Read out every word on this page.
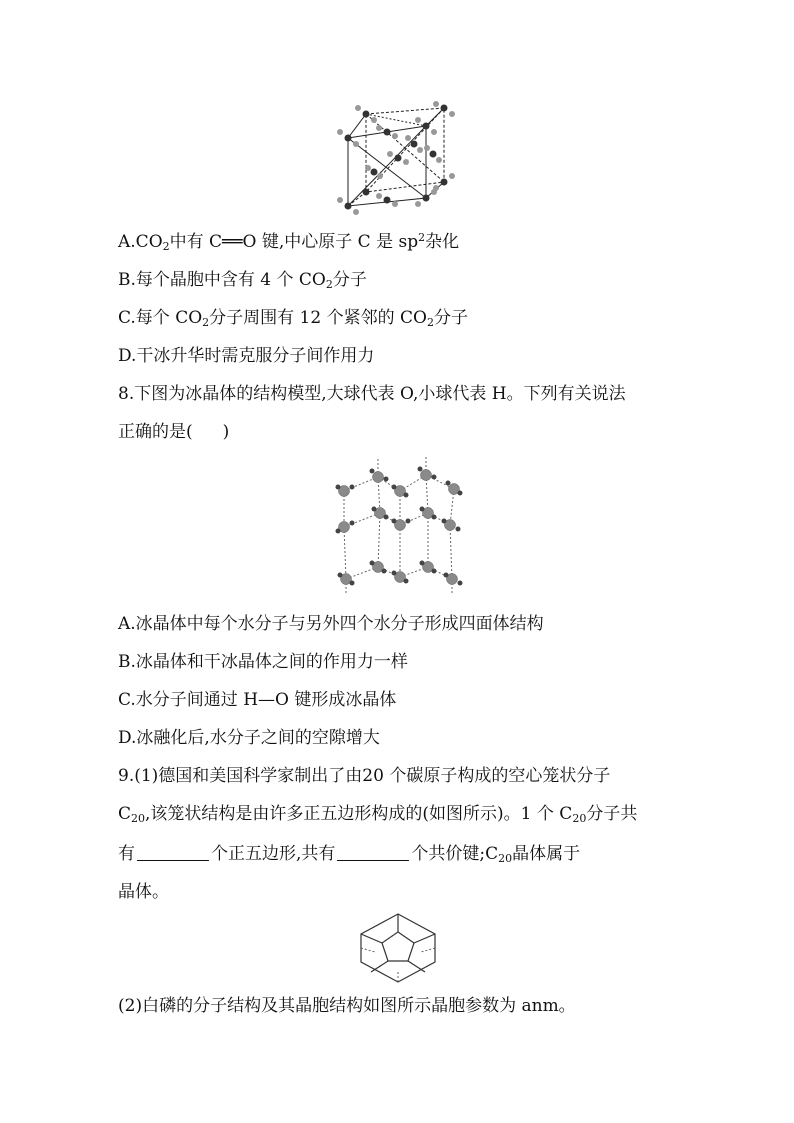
$A.CO_2$中有 C══O 键,中心原子 C 是 $sp^2$杂化
B.每个晶胞中含有 4 个 $CO_2$分子
C.每个 $CO_2$分子周围有 12 个紧邻的 $CO_2$分子
D.干冰升华时需克服分子间作用力
8.下图为冰晶体的结构模型,大球代表 O,小球代表 H。下列有关说法
正确的是( )
A.冰晶体中每个水分子与另外四个水分子形成四面体结构
B.冰晶体和干冰晶体之间的作用力一样
C.水分子间通过 H—O 键形成冰晶体
D.冰融化后,水分子之间的空隙增大
9.(1)德国和美国科学家制出了由20 个碳原子构成的空心笼状分子
$C_{20}$,该笼状结构是由许多正五边形构成的(如图所示)。1 个 $C_{20}$分子共
有	个正五边形,共有	个共价键$;C_{20}$晶体属于
晶体。
(2)白磷的分子结构及其晶胞结构如图所示晶胞参数为 anm。
